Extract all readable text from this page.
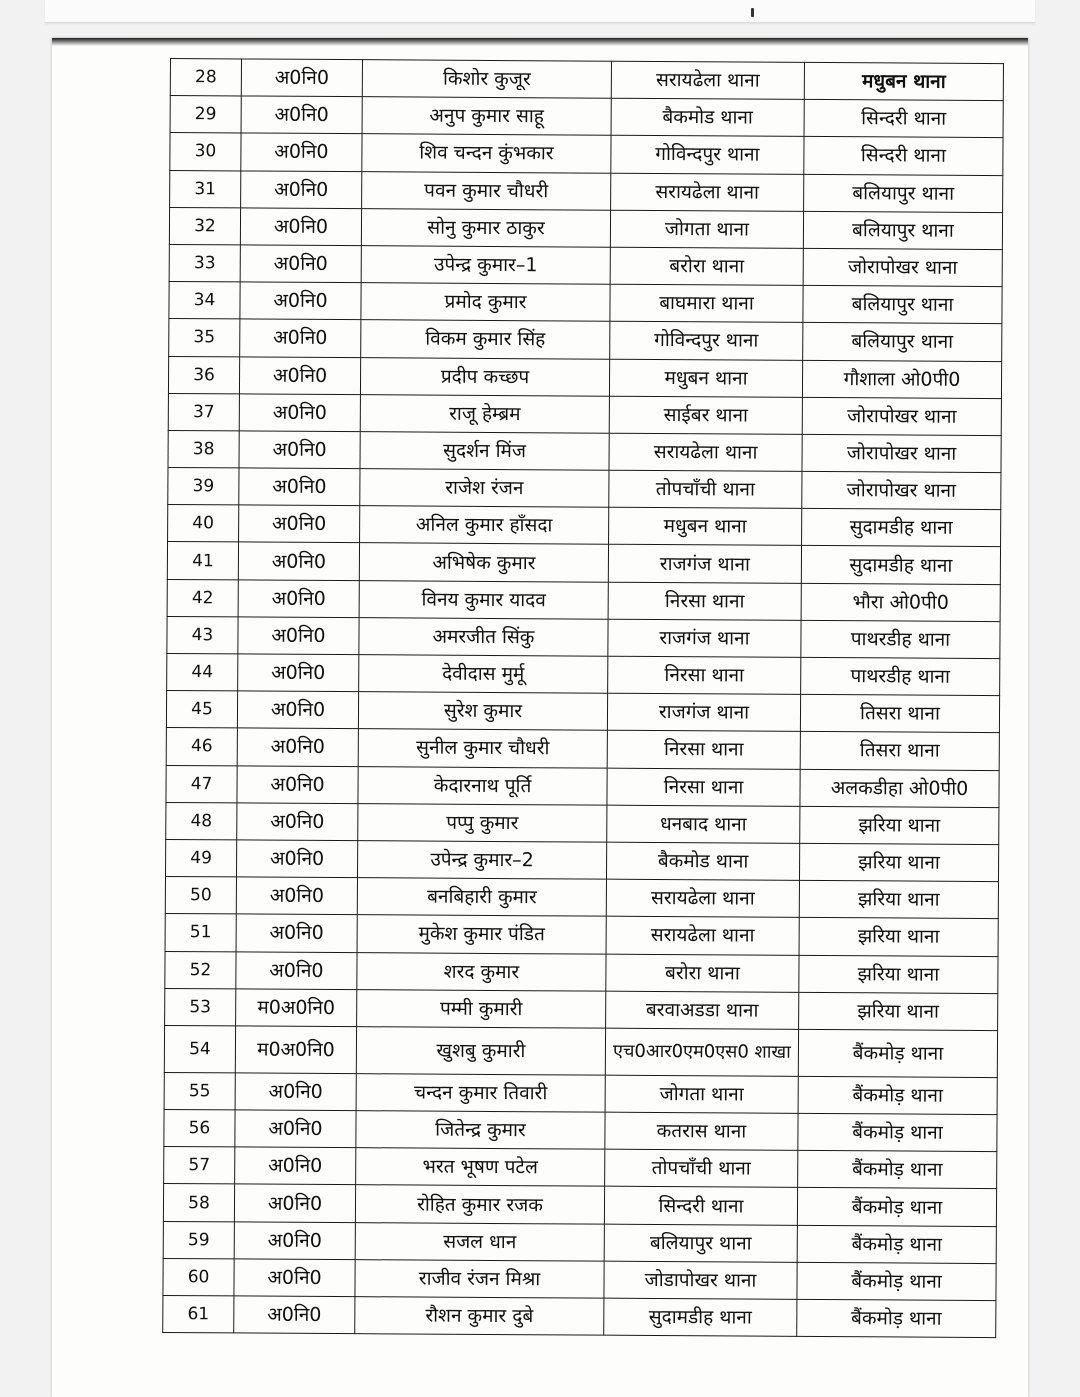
28	अ0नि0	किशोर कुजूर	सरायढेला थाना	मधुबन थाना
29	अ0नि0	अनुप कुमार साहू	बैकमोड थाना	सिन्दरी थाना
30	अ0नि0	शिव चन्दन कुंभकार	गोविन्दपुर थाना	सिन्दरी थाना
31	अ0नि0	पवन कुमार चौधरी	सरायढेला थाना	बलियापुर थाना
32	अ0नि0	सोनु कुमार ठाकुर	जोगता थाना	बलियापुर थाना
33	अ0नि0	उपेन्द्र कुमार–1	बरोरा थाना	जोरापोखर थाना
34	अ0नि0	प्रमोद कुमार	बाघमारा थाना	बलियापुर थाना
35	अ0नि0	विकम कुमार सिंह	गोविन्दपुर थाना	बलियापुर थाना
36	अ0नि0	प्रदीप कच्छप	मधुबन थाना	गौशाला ओ0पी0
37	अ0नि0	राजू हेम्ब्रम	साईबर थाना	जोरापोखर थाना
38	अ0नि0	सुदर्शन मिंज	सरायढेला थाना	जोरापोखर थाना
39	अ0नि0	राजेश रंजन	तोपचाँची थाना	जोरापोखर थाना
40	अ0नि0	अनिल कुमार हाँसदा	मधुबन थाना	सुदामडीह थाना
41	अ0नि0	अभिषेक कुमार	राजगंज थाना	सुदामडीह थाना
42	अ0नि0	विनय कुमार यादव	निरसा थाना	भौरा ओ0पी0
43	अ0नि0	अमरजीत सिंकु	राजगंज थाना	पाथरडीह थाना
44	अ0नि0	देवीदास मुर्मू	निरसा थाना	पाथरडीह थाना
45	अ0नि0	सुरेश कुमार	राजगंज थाना	तिसरा थाना
46	अ0नि0	सुनील कुमार चौधरी	निरसा थाना	तिसरा थाना
47	अ0नि0	केदारनाथ पूर्ति	निरसा थाना	अलकडीहा ओ0पी0
48	अ0नि0	पप्पु कुमार	धनबाद थाना	झरिया थाना
49	अ0नि0	उपेन्द्र कुमार–2	बैकमोड थाना	झरिया थाना
50	अ0नि0	बनबिहारी कुमार	सरायढेला थाना	झरिया थाना
51	अ0नि0	मुकेश कुमार पंडित	सरायढेला थाना	झरिया थाना
52	अ0नि0	शरद कुमार	बरोरा थाना	झरिया थाना
53	म0अ0नि0	पम्मी कुमारी	बरवाअडडा थाना	झरिया थाना
54	म0अ0नि0	खुशबु कुमारी	एच0आर0एम0एस0 शाखा	बैंकमोड़ थाना
55	अ0नि0	चन्दन कुमार तिवारी	जोगता थाना	बैंकमोड़ थाना
56	अ0नि0	जितेन्द्र कुमार	कतरास थाना	बैंकमोड़ थाना
57	अ0नि0	भरत भूषण पटेल	तोपचाँची थाना	बैंकमोड़ थाना
58	अ0नि0	रोहित कुमार रजक	सिन्दरी थाना	बैंकमोड़ थाना
59	अ0नि0	सजल धान	बलियापुर थाना	बैंकमोड़ थाना
60	अ0नि0	राजीव रंजन मिश्रा	जोडापोखर थाना	बैंकमोड़ थाना
61	अ0नि0	रौशन कुमार दुबे	सुदामडीह थाना	बैंकमोड़ थाना
